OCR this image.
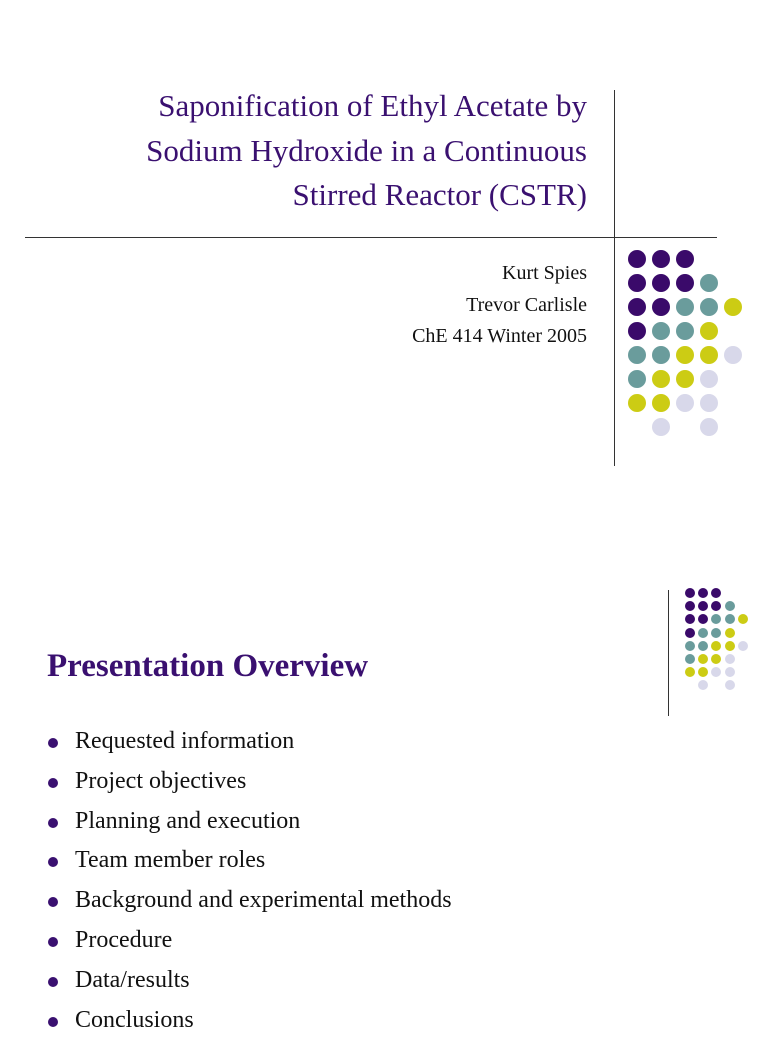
Saponification of Ethyl Acetate by
Sodium Hydroxide in a Continuous
Stirred Reactor (CSTR)
Kurt Spies
Trevor Carlisle
ChE 414 Winter 2005
Presentation Overview
Requested information
Project objectives
Planning and execution
Team member roles
Background and experimental methods
Procedure
Data/results
Conclusions
